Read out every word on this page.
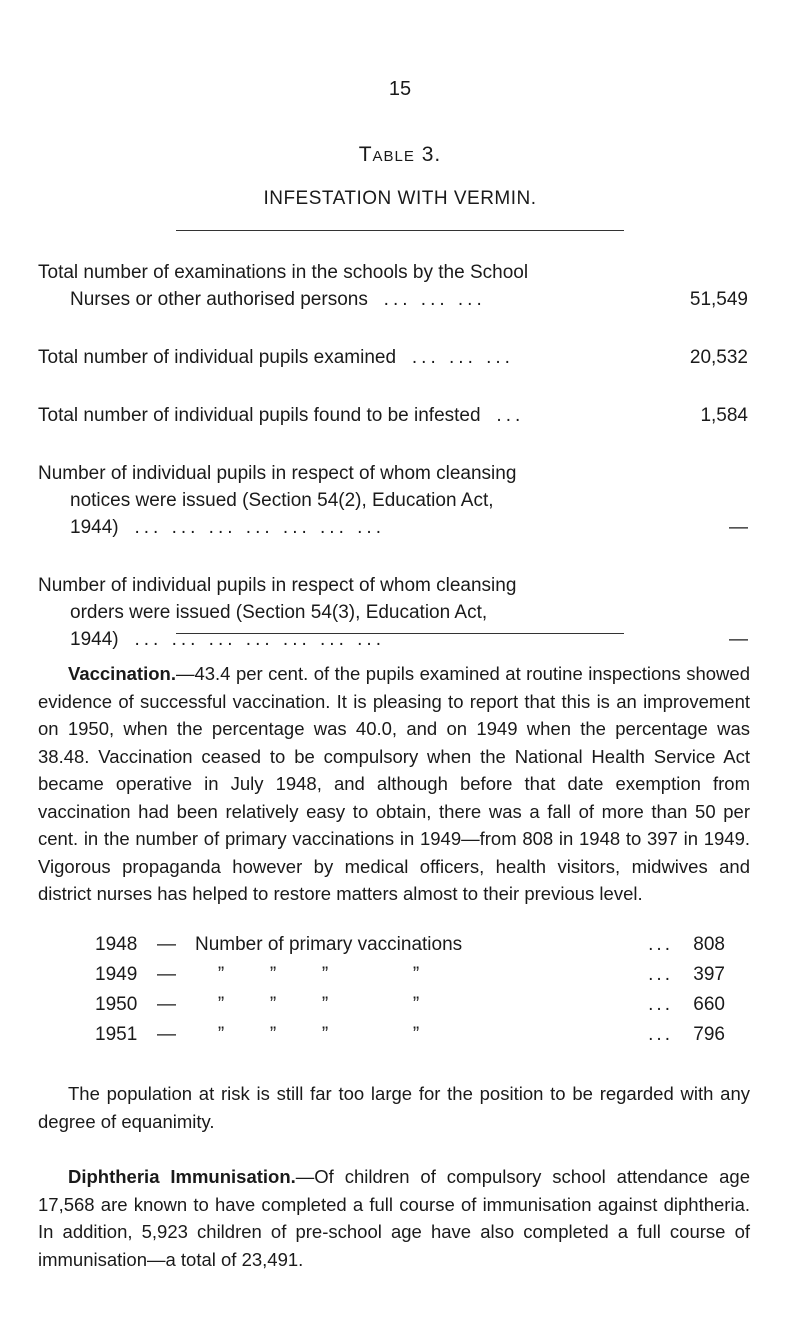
15
Table 3.
INFESTATION WITH VERMIN.
Total number of examinations in the schools by the School
Nurses or other authorised persons ... ... ...	51,549
Total number of individual pupils examined ... ... ...	20,532
Total number of individual pupils found to be infested ...	1,584
Number of individual pupils in respect of whom cleansing
notices were issued (Section 54(2), Education Act,
1944) ... ... ... ... ... ... ...	—
Number of individual pupils in respect of whom cleansing
orders were issued (Section 54(3), Education Act,
1944) ... ... ... ... ... ... ...	—
Vaccination.—43.4 per cent. of the pupils examined at routine inspections showed evidence of successful vaccination. It is pleasing to report that this is an improvement on 1950, when the percentage was 40.0, and on 1949 when the percentage was 38.48. Vaccination ceased to be compulsory when the National Health Service Act became operative in July 1948, and although before that date exemption from vaccination had been relatively easy to obtain, there was a fall of more than 50 per cent. in the number of primary vaccinations in 1949—from 808 in 1948 to 397 in 1949. Vigorous propaganda however by medical officers, health visitors, midwives and district nurses has helped to restore matters almost to their previous level.
1948 — Number of primary vaccinations	... 808
1949 —	” ” ”	”	... 397
1950 —	” ” ”	”	... 660
1951 —	” ” ”	”	... 796
The population at risk is still far too large for the position to be regarded with any degree of equanimity.
Diphtheria Immunisation.—Of children of compulsory school attendance age 17,568 are known to have completed a full course of immunisation against diphtheria. In addition, 5,923 children of pre-school age have also completed a full course of immunisation—a total of 23,491.
